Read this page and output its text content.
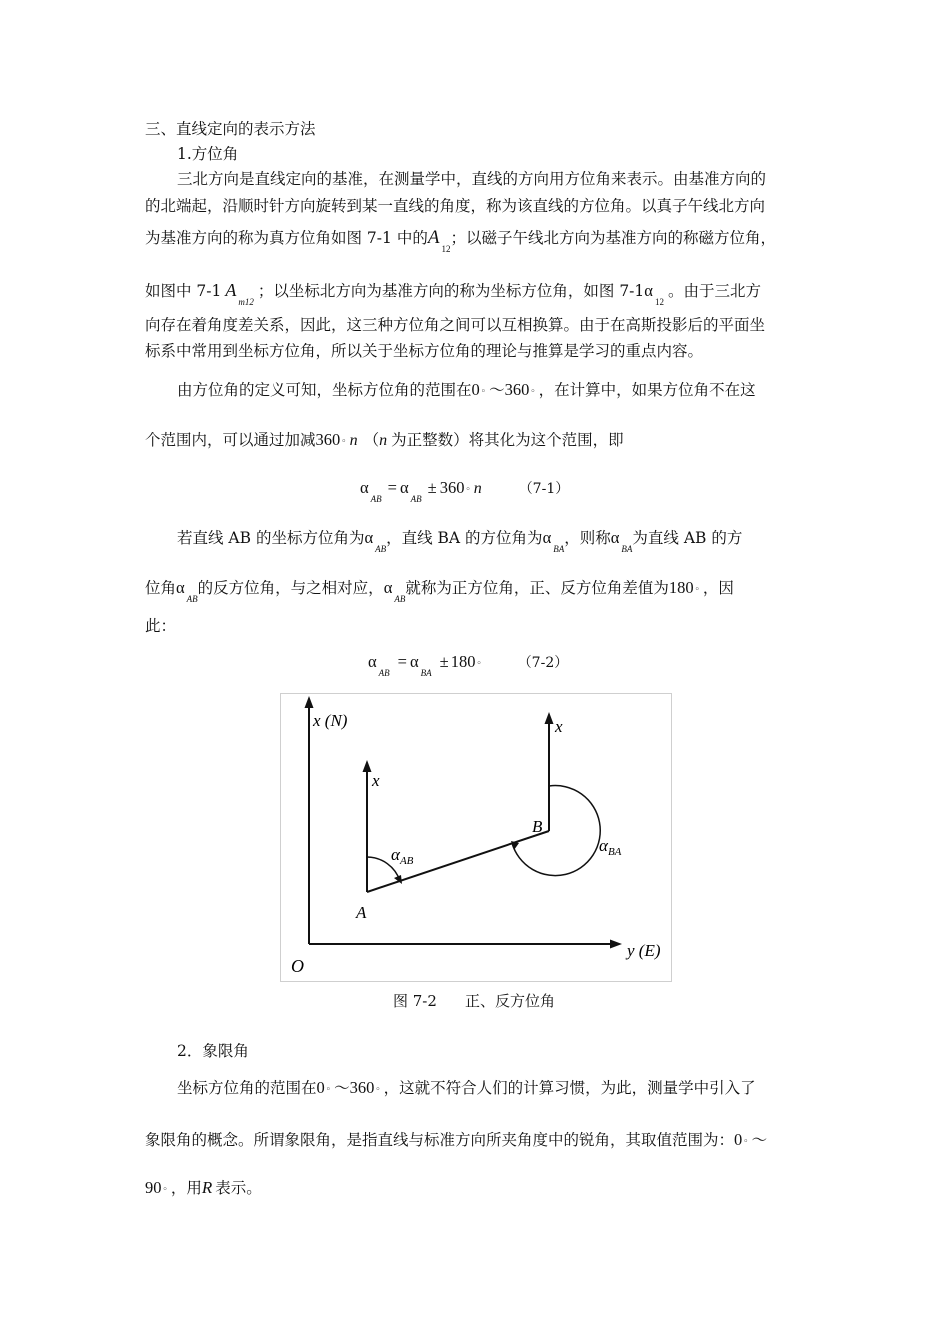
三、直线定向的表示方法
1.方位角
三北方向是直线定向的基准，在测量学中，直线的方向用方位角来表示。由基准方向的
的北端起，沿顺时针方向旋转到某一直线的角度，称为该直线的方位角。以真子午线北方向
为基准方向的称为真方位角如图 7-1 中的$A_{12}$；以磁子午线北方向为基准方向的称磁方位角，
如图中 7-1 $A_{m12}$；以坐标北方向为基准方向的称为坐标方位角，如图 $7-1\alpha_{12}$。由于三北方
向存在着角度差关系，因此，这三种方位角之间可以互相换算。由于在高斯投影后的平面坐
标系中常用到坐标方位角，所以关于坐标方位角的理论与推算是学习的重点内容。
由方位角的定义可知，坐标方位角的范围在0◦ ～360◦ ，在计算中，如果方位角不在这
个范围内，可以通过加减360◦ n （n 为正整数）将其化为这个范围，即
$\alpha_{AB}= \alpha_{AB}\pm$ 360◦ n	（7-1）
若直线 AB 的坐标方位角为$\alpha_{AB}$，直线 BA 的方位角为$\alpha_{BA}$，则称$\alpha_{BA}$为直线 AB 的方
位角$\alpha_{AB}$的反方位角，与之相对应，$\alpha_{AB}$就称为正方位角，正、反方位角差值为180◦ ，因
此：
$\alpha_{AB}= \alpha_{BA}\pm$ 180◦	（7-2）
x (N)
y (E)
O
x
x
A
B
$\alpha_{AB}$
$\alpha_{BA}$
图 7-2 正、反方位角
2．象限角
坐标方位角的范围在0◦ ～360◦ ，这就不符合人们的计算习惯，为此，测量学中引入了
象限角的概念。所谓象限角，是指直线与标准方向所夹角度中的锐角，其取值范围为：0◦ ～
90◦ ，用R 表示。
